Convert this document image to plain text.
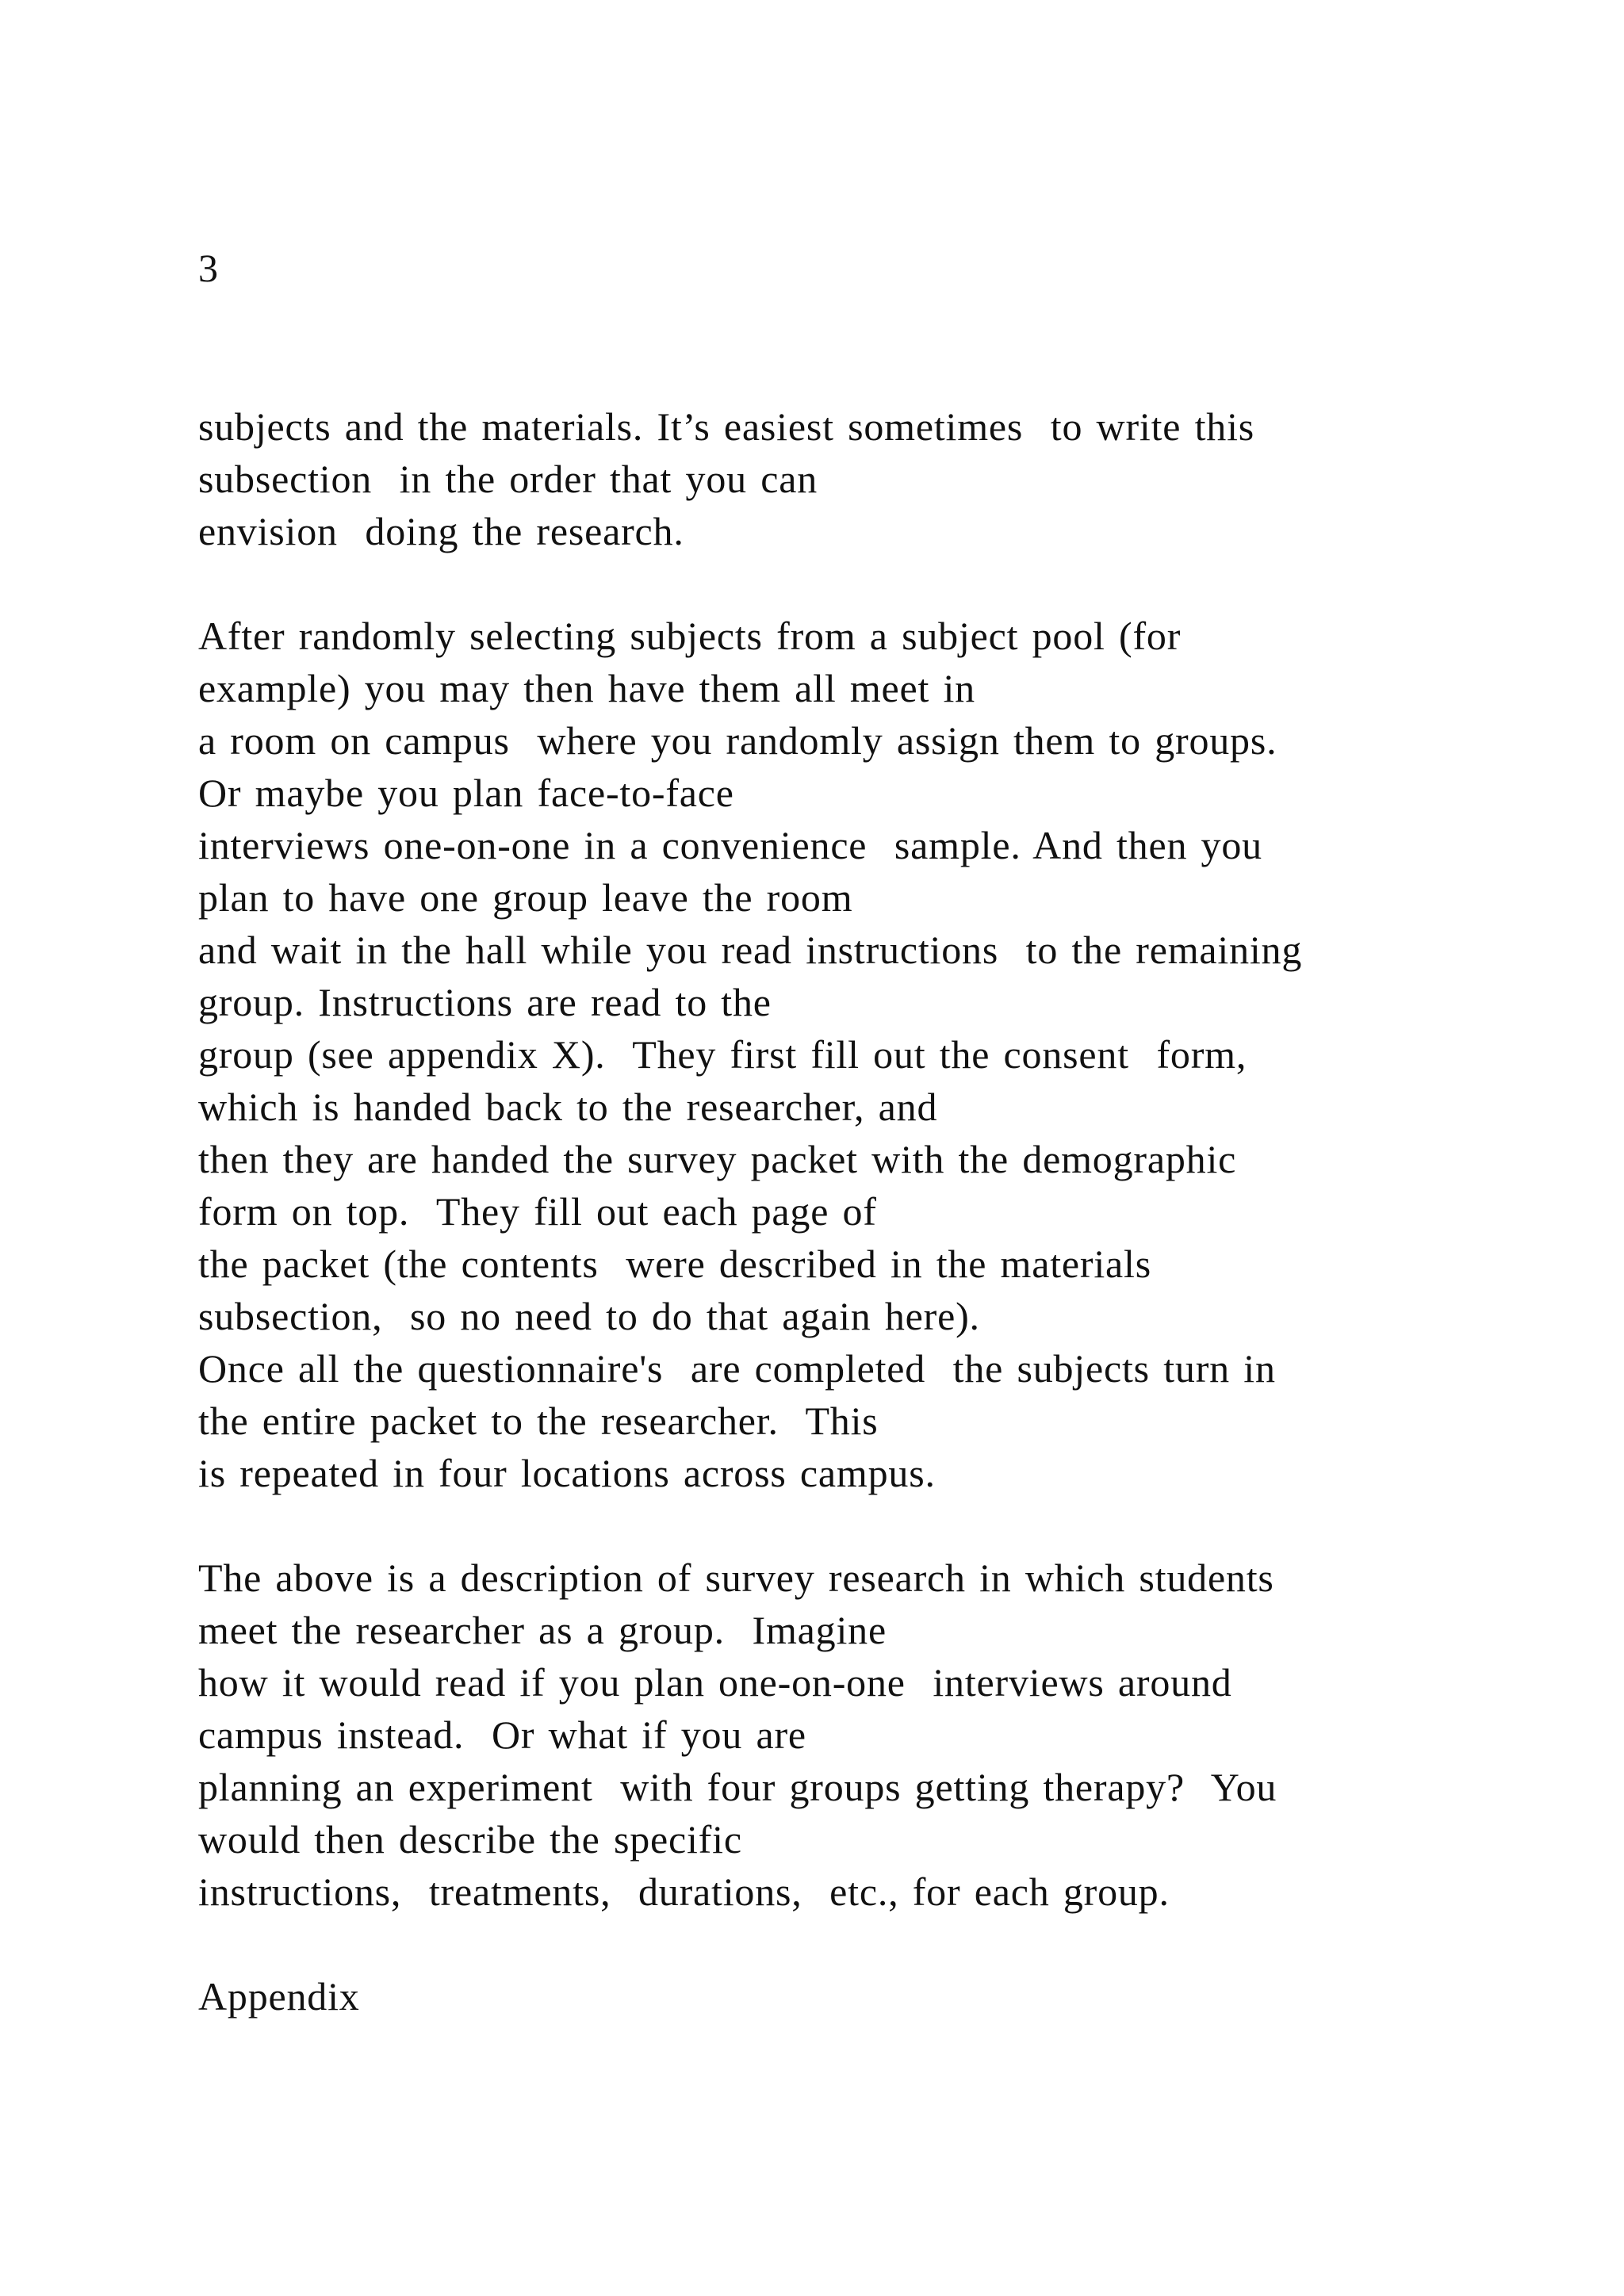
3
subjects and the materials. It’s easiest sometimes  to write this
subsection  in the order that you can
envision  doing the research.
After randomly selecting subjects from a subject pool (for
example) you may then have them all meet in
a room on campus  where you randomly assign them to groups.
Or maybe you plan face-to-face
interviews one-on-one in a convenience  sample. And then you
plan to have one group leave the room
and wait in the hall while you read instructions  to the remaining
group. Instructions are read to the
group (see appendix X).  They first fill out the consent  form,
which is handed back to the researcher, and
then they are handed the survey packet with the demographic
form on top.  They fill out each page of
the packet (the contents  were described in the materials
subsection,  so no need to do that again here).
Once all the questionnaire's  are completed  the subjects turn in
the entire packet to the researcher.  This
is repeated in four locations across campus.
The above is a description of survey research in which students
meet the researcher as a group.  Imagine
how it would read if you plan one-on-one  interviews around
campus instead.  Or what if you are
planning an experiment  with four groups getting therapy?  You
would then describe the specific
instructions,  treatments,  durations,  etc., for each group.
Appendix
